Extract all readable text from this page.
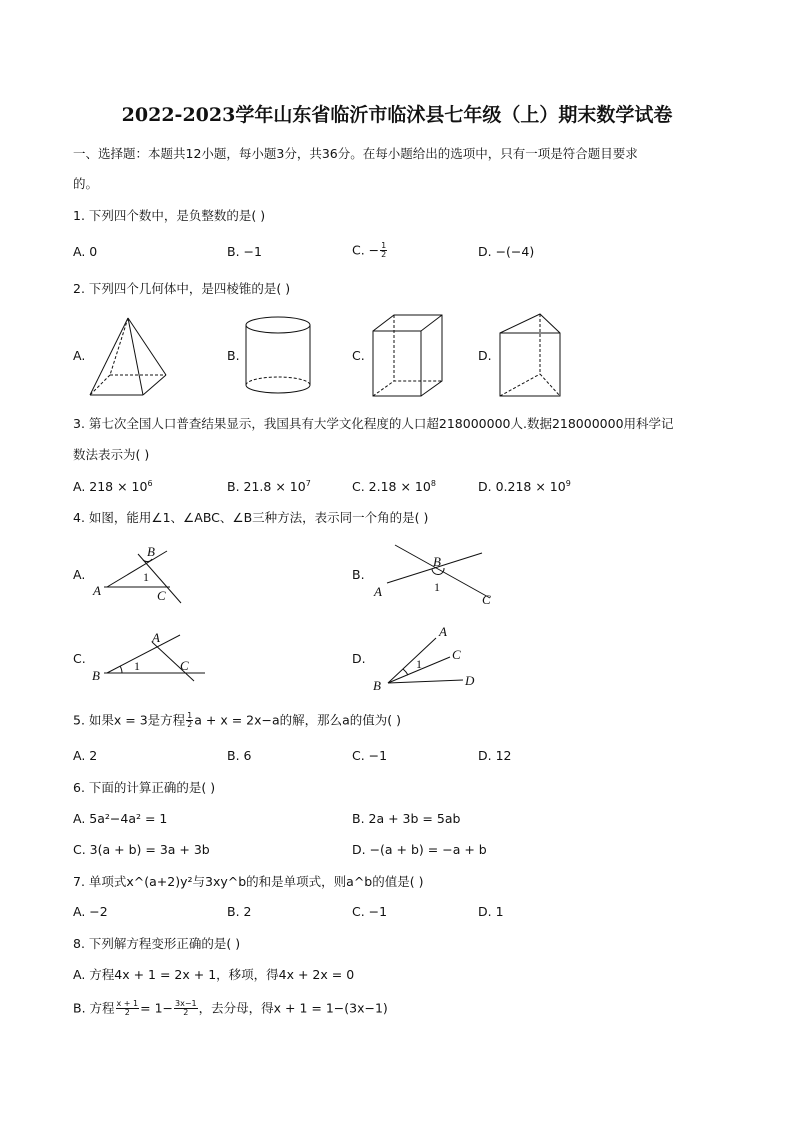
2022-2023学年山东省临沂市临沭县七年级（上）期末数学试卷
一、选择题：本题共12小题，每小题3分，共36分。在每小题给出的选项中，只有一项是符合题目要求
的。
1. 下列四个数中，是负整数的是( )
A. 0	B. −1	C. − $\frac{1}{2}$	D. −(−4)
2. 下列四个几何体中，是四棱锥的是( )
A.	B.	C.	D.
B
1
A	C
B
1
A
C
A
1
B
C
A
C
1
B	D
3. 第七次全国人口普查结果显示，我国具有大学文化程度的人口超218000000人.数据218000000用科学记
数法表示为( )
A. $218 \times 10^6$	B. $21.8 \times 10^7$	C. $2.18 \times 10^8$	D. $0.218 \times 10^9$
4. 如图，能用∠1、∠ABC、∠B三种方法，表示同一个角的是( )
A.	B.
C.	D.
5. 如果x = 3是方程 $\frac{1}{2}$ a + x = 2x−a的解，那么a的值为( )
A. 2	B. 6	C. −1	D. 12
6. 下面的计算正确的是( )
A. 5a²−4a² = 1	B. 2a + 3b = 5ab
C. 3(a + b) = 3a + 3b	D. −(a + b) = −a + b
7. 单项式x^(a+2)y²与3xy^b的和是单项式，则a^b的值是( )
A. −2	B. 2	C. −1	D. 1
8. 下列解方程变形正确的是( )
A. 方程4x + 1 = 2x + 1，移项，得4x + 2x = 0
B. 方程 $\frac{x + 1}{2} = 1- \frac{3x-1}{2}$ ，去分母，得x + 1 = 1−(3x−1)
